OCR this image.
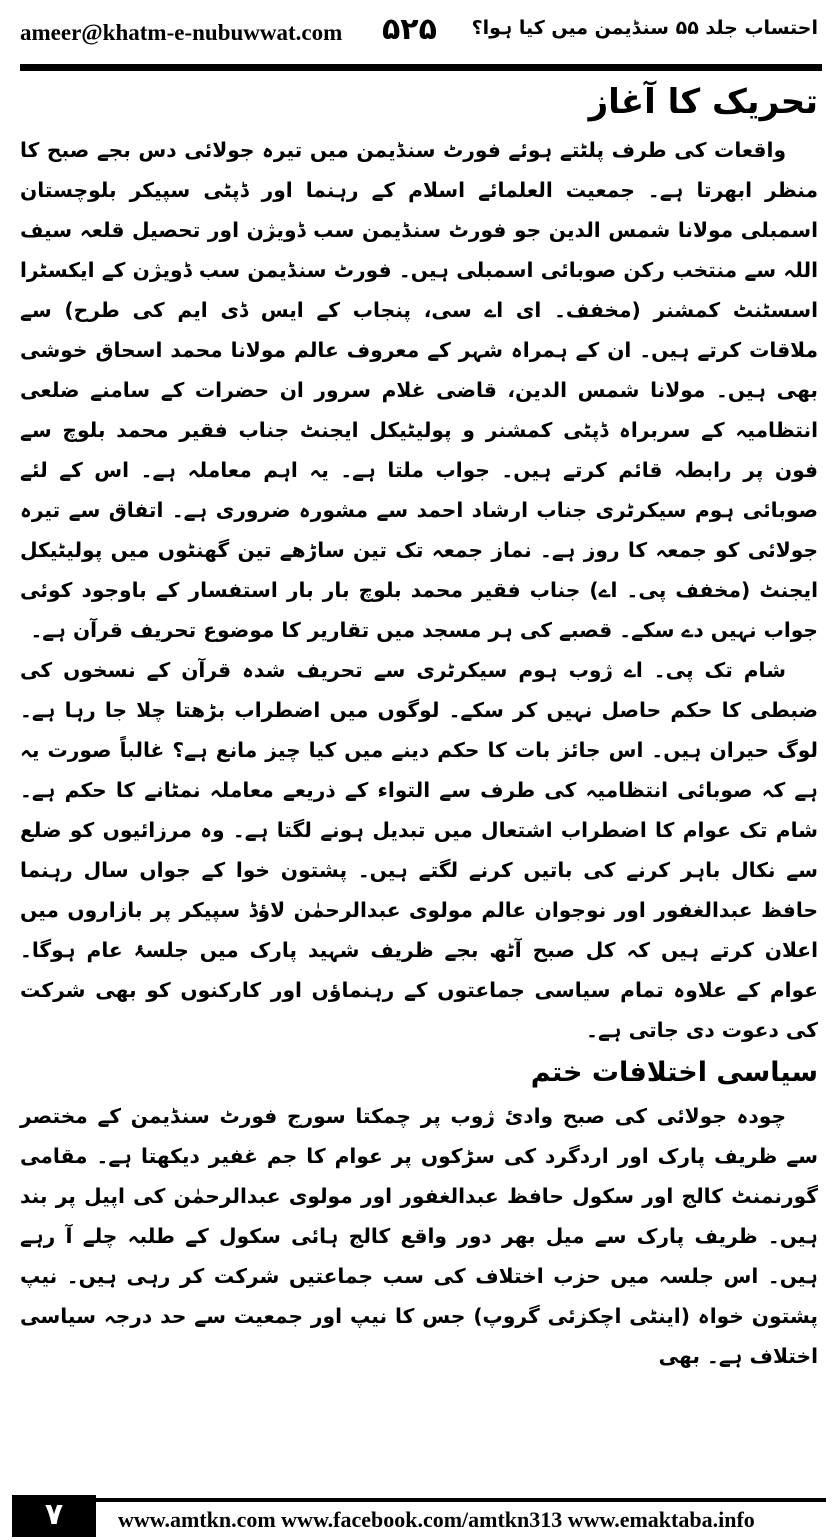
ameer@khatm-e-nubuwwat.com ۵۲۵ احتساب جلد ۵۵ سنڈیمن میں کیا ہوا؟
تحریک کا آغاز

واقعات کی طرف پلٹتے ہوئے فورٹ سنڈیمن میں تیرہ جولائی دس بجے صبح کا منظر ابھرتا ہے۔ جمعیت العلمائے اسلام کے رہنما اور ڈپٹی سپیکر بلوچستان اسمبلی مولانا شمس الدین جو فورٹ سنڈیمن سب ڈویژن اور تحصیل قلعہ سیف اللہ سے منتخب رکن صوبائی اسمبلی ہیں۔ فورٹ سنڈیمن سب ڈویژن کے ایکسٹرا اسسٹنٹ کمشنر (مخفف۔ ای اے سی، پنجاب کے ایس ڈی ایم کی طرح) سے ملاقات کرتے ہیں۔ ان کے ہمراہ شہر کے معروف عالم مولانا محمد اسحاق خوشی بھی ہیں۔ مولانا شمس الدین، قاضی غلام سرور ان حضرات کے سامنے ضلعی انتظامیہ کے سربراہ ڈپٹی کمشنر و پولیٹیکل ایجنٹ جناب فقیر محمد بلوچ سے فون پر رابطہ قائم کرتے ہیں۔ جواب ملتا ہے۔ یہ اہم معاملہ ہے۔ اس کے لئے صوبائی ہوم سیکرٹری جناب ارشاد احمد سے مشورہ ضروری ہے۔ اتفاق سے تیرہ جولائی کو جمعہ کا روز ہے۔ نماز جمعہ تک تین ساڑھے تین گھنٹوں میں پولیٹیکل ایجنٹ (مخفف پی۔ اے) جناب فقیر محمد بلوچ بار بار استفسار کے باوجود کوئی جواب نہیں دے سکے۔ قصبے کی ہر مسجد میں تقاریر کا موضوع تحریف قرآن ہے۔

شام تک پی۔ اے ژوب ہوم سیکرٹری سے تحریف شدہ قرآن کے نسخوں کی ضبطی کا حکم حاصل نہیں کر سکے۔ لوگوں میں اضطراب بڑھتا چلا جا رہا ہے۔ لوگ حیران ہیں۔ اس جائز بات کا حکم دینے میں کیا چیز مانع ہے؟ غالباً صورت یہ ہے کہ صوبائی انتظامیہ کی طرف سے التواء کے ذریعے معاملہ نمٹانے کا حکم ہے۔ شام تک عوام کا اضطراب اشتعال میں تبدیل ہونے لگتا ہے۔ وہ مرزائیوں کو ضلع سے نکال باہر کرنے کی باتیں کرنے لگتے ہیں۔ پشتون خوا کے جواں سال رہنما حافظ عبدالغفور اور نوجوان عالم مولوی عبدالرحمٰن لاؤڈ سپیکر پر بازاروں میں اعلان کرتے ہیں کہ کل صبح آٹھ بجے ظریف شہید پارک میں جلسۂ عام ہوگا۔ عوام کے علاوہ تمام سیاسی جماعتوں کے رہنماؤں اور کارکنوں کو بھی شرکت کی دعوت دی جاتی ہے۔

سیاسی اختلافات ختم

چودہ جولائی کی صبح وادئ ژوب پر چمکتا سورج فورٹ سنڈیمن کے مختصر سے ظریف پارک اور اردگرد کی سڑکوں پر عوام کا جم غفیر دیکھتا ہے۔ مقامی گورنمنٹ کالج اور سکول حافظ عبدالغفور اور مولوی عبدالرحمٰن کی اپیل پر بند ہیں۔ ظریف پارک سے میل بھر دور واقع کالج ہائی سکول کے طلبہ چلے آ رہے ہیں۔ اس جلسہ میں حزب اختلاف کی سب جماعتیں شرکت کر رہی ہیں۔ نیپ پشتون خواہ (اینٹی اچکزئی گروپ) جس کا نیپ اور جمعیت سے حد درجہ سیاسی اختلاف ہے۔ بھی

۷	www.amtkn.com www.facebook.com/amtkn313 www.emaktaba.info
